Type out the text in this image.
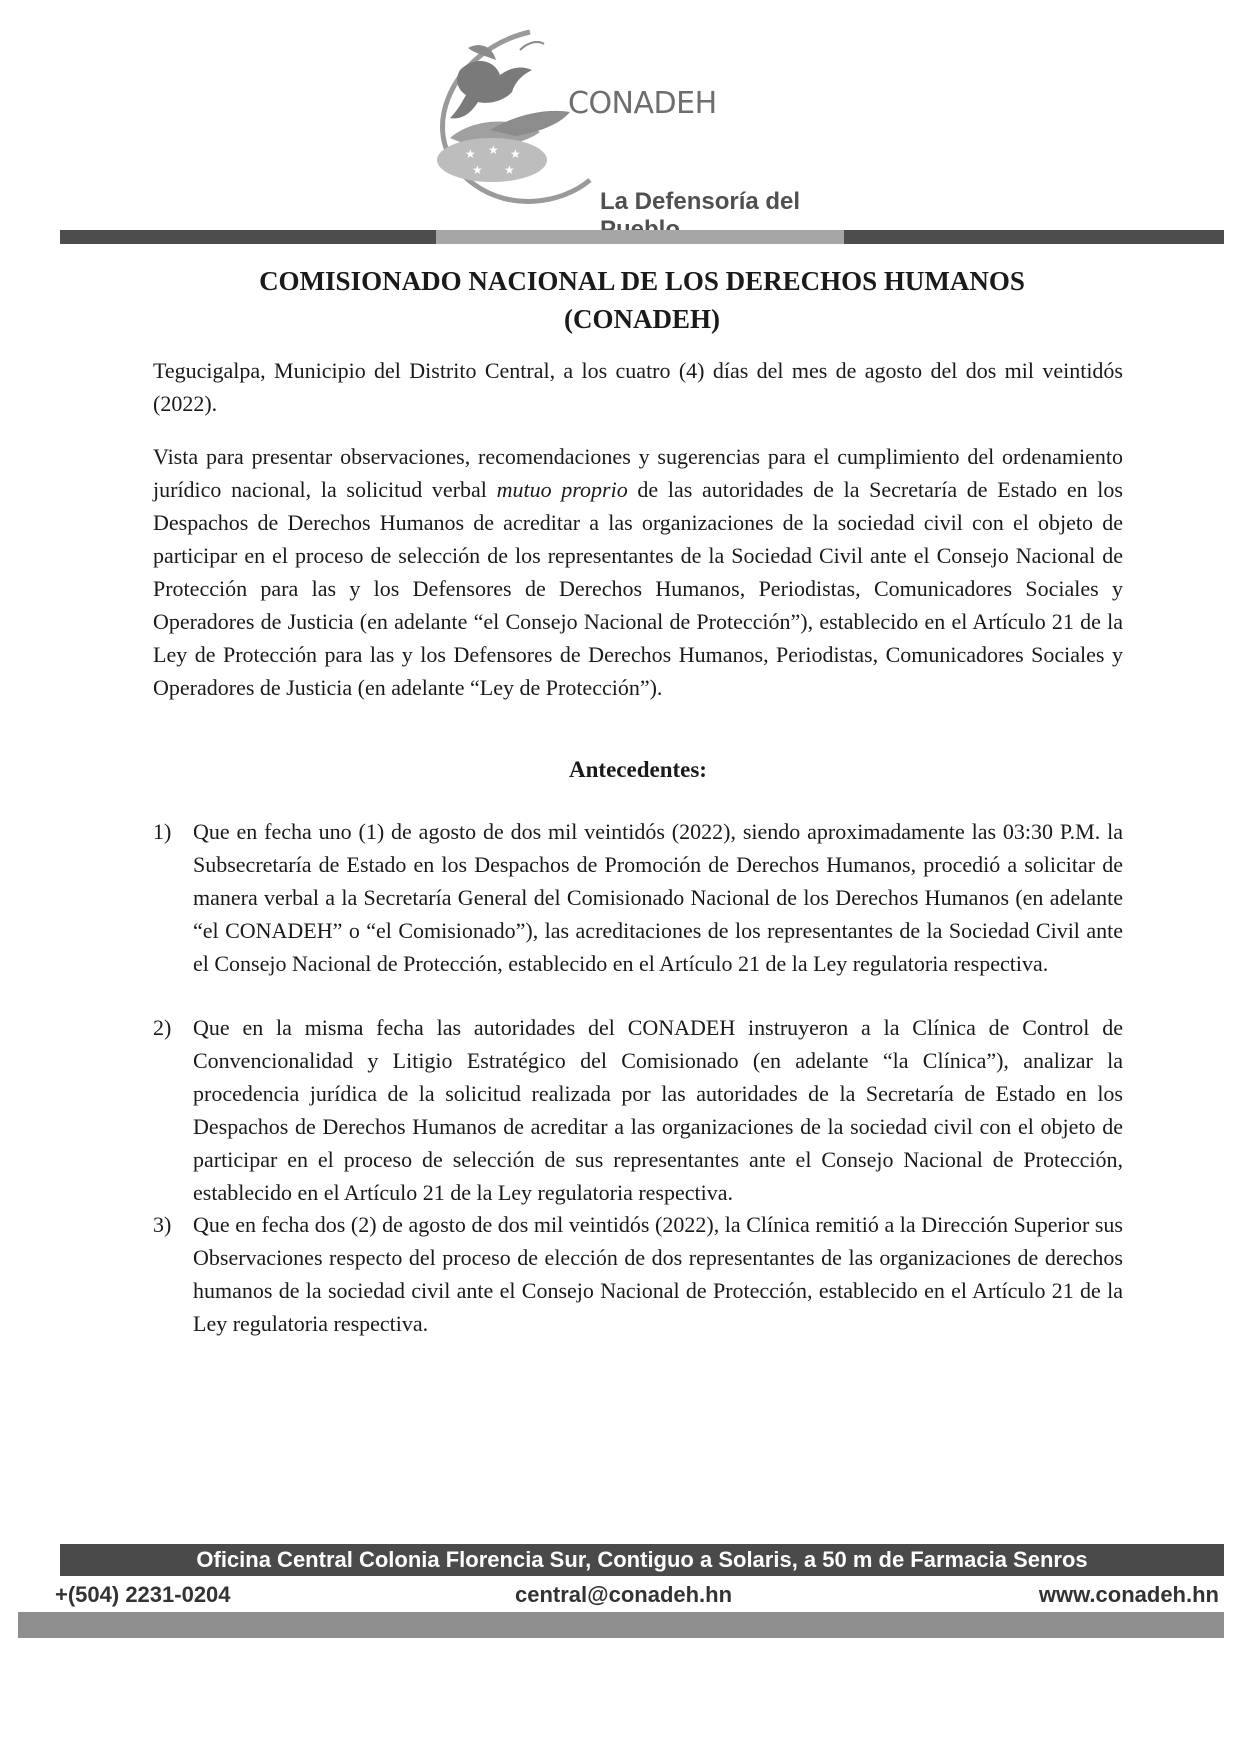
★ ★ ★
★ ★
CONADEH
La Defensoría del
COMISIONADO NACIONAL DE LOS DERECHOS HUMANOS
(CONADEH)
Tegucigalpa, Municipio del Distrito Central, a los cuatro (4) días del mes de agosto del dos mil veintidós (2022).
Vista para presentar observaciones, recomendaciones y sugerencias para el cumplimiento del ordenamiento jurídico nacional, la solicitud verbal mutuo proprio de las autoridades de la Secretaría de Estado en los Despachos de Derechos Humanos de acreditar a las organizaciones de la sociedad civil con el objeto de participar en el proceso de selección de los representantes de la Sociedad Civil ante el Consejo Nacional de Protección para las y los Defensores de Derechos Humanos, Periodistas, Comunicadores Sociales y Operadores de Justicia (en adelante “el Consejo Nacional de Protección”), establecido en el Artículo 21 de la Ley de Protección para las y los Defensores de Derechos Humanos, Periodistas, Comunicadores Sociales y Operadores de Justicia (en adelante “Ley de Protección”).
Antecedentes:
1) Que en fecha uno (1) de agosto de dos mil veintidós (2022), siendo aproximadamente las 03:30 P.M. la Subsecretaría de Estado en los Despachos de Promoción de Derechos Humanos, procedió a solicitar de manera verbal a la Secretaría General del Comisionado Nacional de los Derechos Humanos (en adelante “el CONADEH” o “el Comisionado”), las acreditaciones de los representantes de la Sociedad Civil ante el Consejo Nacional de Protección, establecido en el Artículo 21 de la Ley regulatoria respectiva.
2) Que en la misma fecha las autoridades del CONADEH instruyeron a la Clínica de Control de Convencionalidad y Litigio Estratégico del Comisionado (en adelante “la Clínica”), analizar la procedencia jurídica de la solicitud realizada por las autoridades de la Secretaría de Estado en los Despachos de Derechos Humanos de acreditar a las organizaciones de la sociedad civil con el objeto de participar en el proceso de selección de sus representantes ante el Consejo Nacional de Protección, establecido en el Artículo 21 de la Ley regulatoria respectiva.
3) Que en fecha dos (2) de agosto de dos mil veintidós (2022), la Clínica remitió a la Dirección Superior sus Observaciones respecto del proceso de elección de dos representantes de las organizaciones de derechos humanos de la sociedad civil ante el Consejo Nacional de Protección, establecido en el Artículo 21 de la Ley regulatoria respectiva.
Oficina Central Colonia Florencia Sur, Contiguo a Solaris, a 50 m de Farmacia Senros
+(504) 2231-0204	central@conadeh.hn	www.conadeh.hn
